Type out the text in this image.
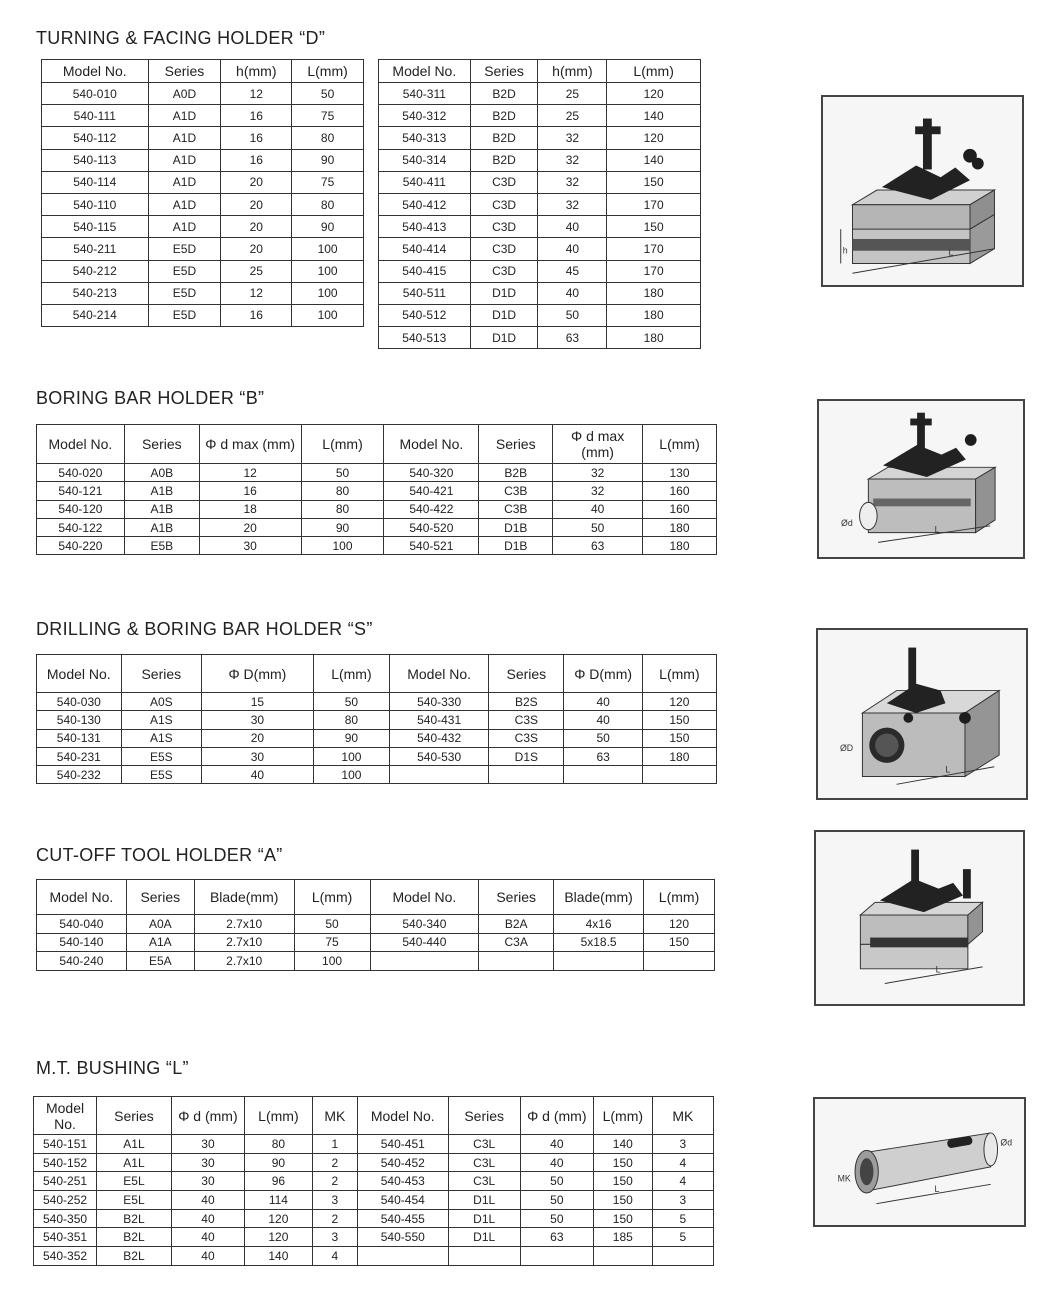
TURNING & FACING HOLDER “D”
Model No.	Series	h(mm)	L(mm)
540-010	A0D	12	50
540-111	A1D	16	75
540-112	A1D	16	80
540-113	A1D	16	90
540-114	A1D	20	75
540-110	A1D	20	80
540-115	A1D	20	90
540-211	E5D	20	100
540-212	E5D	25	100
540-213	E5D	12	100
540-214	E5D	16	100
Model No.	Series	h(mm)	L(mm)
540-311	B2D	25	120
540-312	B2D	25	140
540-313	B2D	32	120
540-314	B2D	32	140
540-411	C3D	32	150
540-412	C3D	32	170
540-413	C3D	40	150
540-414	C3D	40	170
540-415	C3D	45	170
540-511	D1D	40	180
540-512	D1D	50	180
540-513	D1D	63	180
h	L
BORING BAR HOLDER “B”
Model No.	Series	Φ d max (mm)	L(mm)	Model No.	Series	Φ d max (mm)	L(mm)
540-020	A0B	12	50	540-320	B2B	32	130
540-121	A1B	16	80	540-421	C3B	32	160
540-120	A1B	18	80	540-422	C3B	40	160
540-122	A1B	20	90	540-520	D1B	50	180
540-220	E5B	30	100	540-521	D1B	63	180
Ød
L
DRILLING & BORING BAR HOLDER “S”
Model No.	Series	Φ D(mm)	L(mm)	Model No.	Series	Φ D(mm)	L(mm)
540-030	A0S	15	50	540-330	B2S	40	120
540-130	A1S	30	80	540-431	C3S	40	150
540-131	A1S	20	90	540-432	C3S	50	150
540-231	E5S	30	100	540-530	D1S	63	180
540-232	E5S	40	100				
ØD
L
CUT-OFF TOOL HOLDER “A”
Model No.	Series	Blade(mm)	L(mm)	Model No.	Series	Blade(mm)	L(mm)
540-040	A0A	2.7x10	50	540-340	B2A	4x16	120
540-140	A1A	2.7x10	75	540-440	C3A	5x18.5	150
540-240	E5A	2.7x10	100				
L
M.T. BUSHING “L”
Model No.	Series	Φ d (mm)	L(mm)	MK	Model No.	Series	Φ d (mm)	L(mm)	MK
540-151	A1L	30	80	1	540-451	C3L	40	140	3
540-152	A1L	30	90	2	540-452	C3L	40	150	4
540-251	E5L	30	96	2	540-453	C3L	50	150	4
540-252	E5L	40	114	3	540-454	D1L	50	150	3
540-350	B2L	40	120	2	540-455	D1L	50	150	5
540-351	B2L	40	120	3	540-550	D1L	63	185	5
540-352	B2L	40	140	4					
MK
L
Ød
